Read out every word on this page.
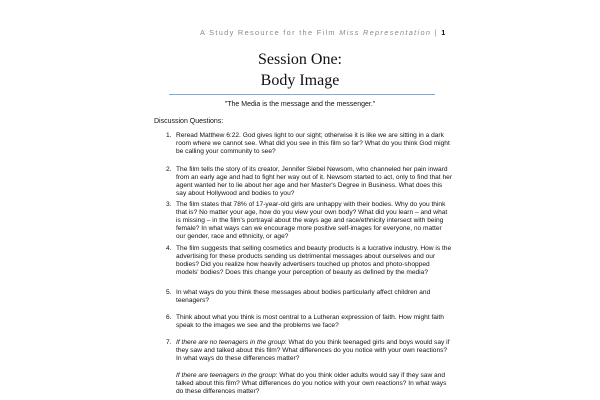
A Study Resource for the Film Miss Representation | 1
Session One:
Body Image
"The Media is the message and the messenger."
Discussion Questions:

1. Reread Matthew 6:22. God gives light to our sight; otherwise it is like we are sitting in a dark room where we cannot see. What did you see in this film so far? What do you think God might be calling your community to see?

2. The film tells the story of its creator, Jennifer Siebel Newsom, who channeled her pain inward from an early age and had to fight her way out of it. Newsom started to act, only to find that her agent wanted her to lie about her age and her Master's Degree in Business. What does this say about Hollywood and bodies to you?

3. The film states that 78% of 17-year-old girls are unhappy with their bodies. Why do you think that is? No matter your age, how do you view your own body? What did you learn – and what is missing – in the film's portrayal about the ways age and race/ethnicity intersect with being female? In what ways can we encourage more positive self-images for everyone, no matter our gender, race and ethnicity, or age?

4. The film suggests that selling cosmetics and beauty products is a lucrative industry. How is the advertising for these products sending us detrimental messages about ourselves and our bodies? Did you realize how heavily advertisers touched up photos and photo-shopped models' bodies? Does this change your perception of beauty as defined by the media?

5. In what ways do you think these messages about bodies particularly affect children and teenagers?

6. Think about what you think is most central to a Lutheran expression of faith. How might faith speak to the images we see and the problems we face?

7. If there are no teenagers in the group: What do you think teenaged girls and boys would say if they saw and talked about this film? What differences do you notice with your own reactions? In what ways do these differences matter?

If there are teenagers in the group: What do you think older adults would say if they saw and talked about this film? What differences do you notice with your own reactions? In what ways do these differences matter?
